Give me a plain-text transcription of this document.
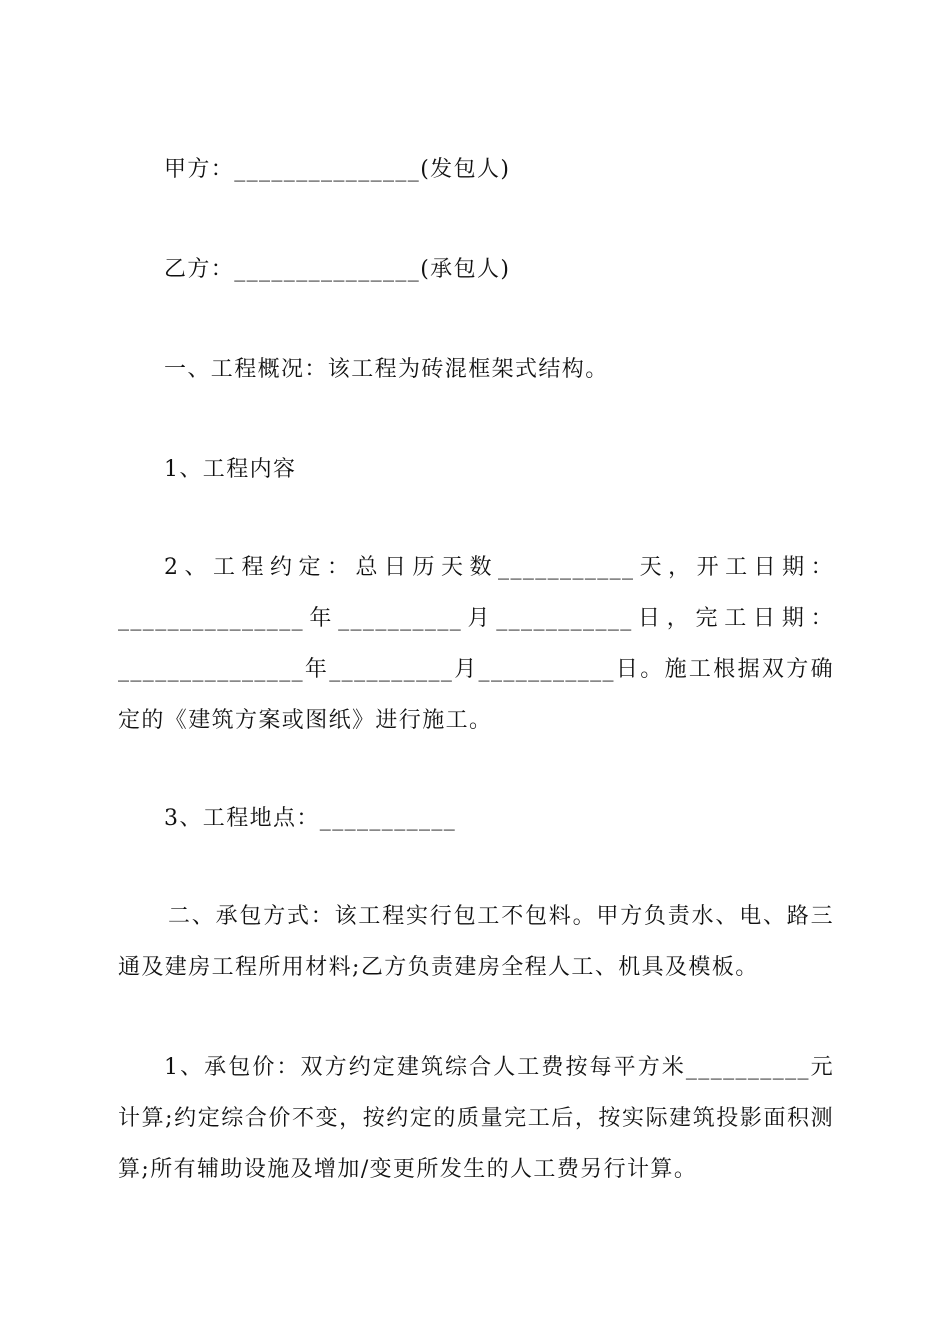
甲方：_______________(发包人)
乙方：_______________(承包人)
一、工程概况：该工程为砖混框架式结构。
1、工程内容

2、工程约定：总日历天数___________天，开工日期：_______________年__________月___________日，完工日期：_______________年__________月___________日。施工根据双方确定的《建筑方案或图纸》进行施工。

3、工程地点：___________

二、承包方式：该工程实行包工不包料。甲方负责水、电、路三通及建房工程所用材料;乙方负责建房全程人工、机具及模板。

1、承包价：双方约定建筑综合人工费按每平方米__________元计算;约定综合价不变，按约定的质量完工后，按实际建筑投影面积测算;所有辅助设施及增加/变更所发生的人工费另行计算。
